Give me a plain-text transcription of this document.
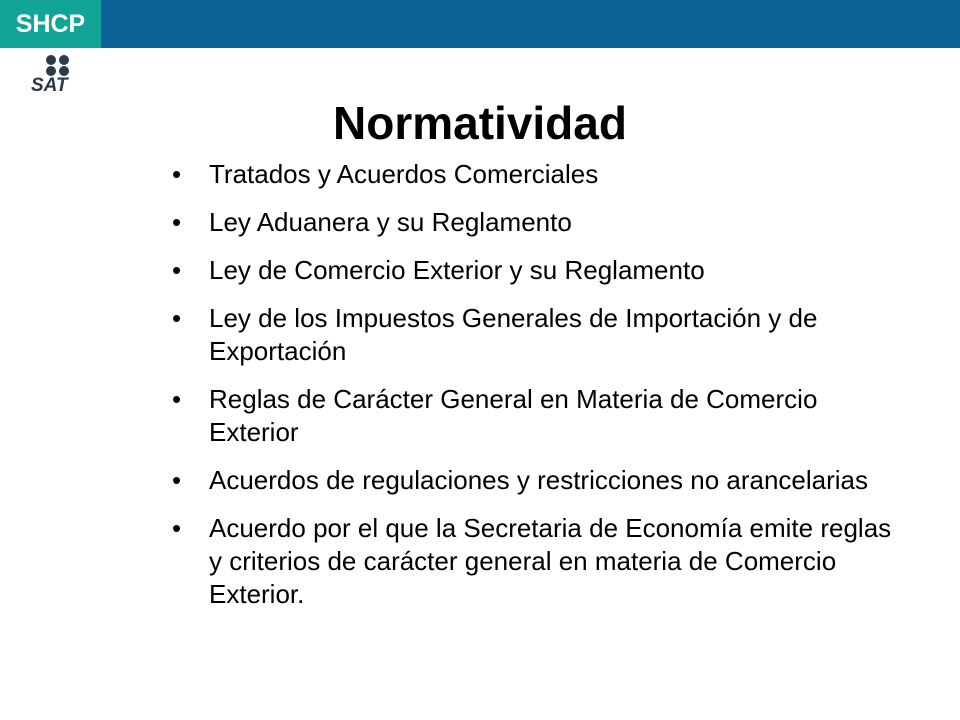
SHCP
SAT
Normatividad
• Tratados y Acuerdos Comerciales
• Ley Aduanera y su Reglamento
• Ley de Comercio Exterior y su Reglamento
• Ley de los Impuestos Generales de Importación y de Exportación
• Reglas de Carácter General en Materia de Comercio Exterior
• Acuerdos de regulaciones y restricciones no arancelarias
• Acuerdo por el que la Secretaria de Economía emite reglas y criterios de carácter general en materia de Comercio Exterior.
